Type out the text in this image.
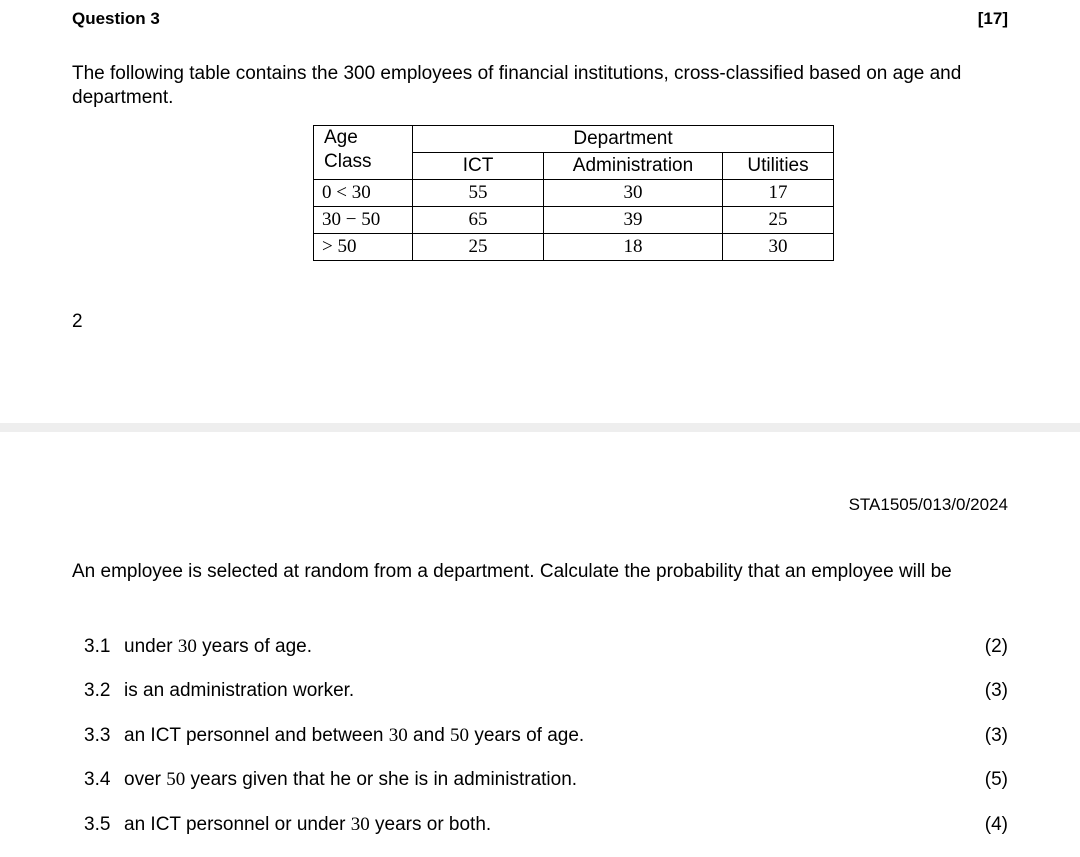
Question 3	[17]
The following table contains the 300 employees of financial institutions, cross-classified based on age and department.
Age
Class	Department		
	ICT	Administration	Utilities
0 < 30	55	30	17
30 − 50	65	39	25
> 50	25	18	30
2
STA1505/013/0/2024
An employee is selected at random from a department. Calculate the probability that an employee will be
3.1 under 30 years of age.	(2)
3.2 is an administration worker.	(3)
3.3 an ICT personnel and between 30 and 50 years of age.	(3)
3.4 over 50 years given that he or she is in administration.	(5)
3.5 an ICT personnel or under 30 years or both.	(4)
